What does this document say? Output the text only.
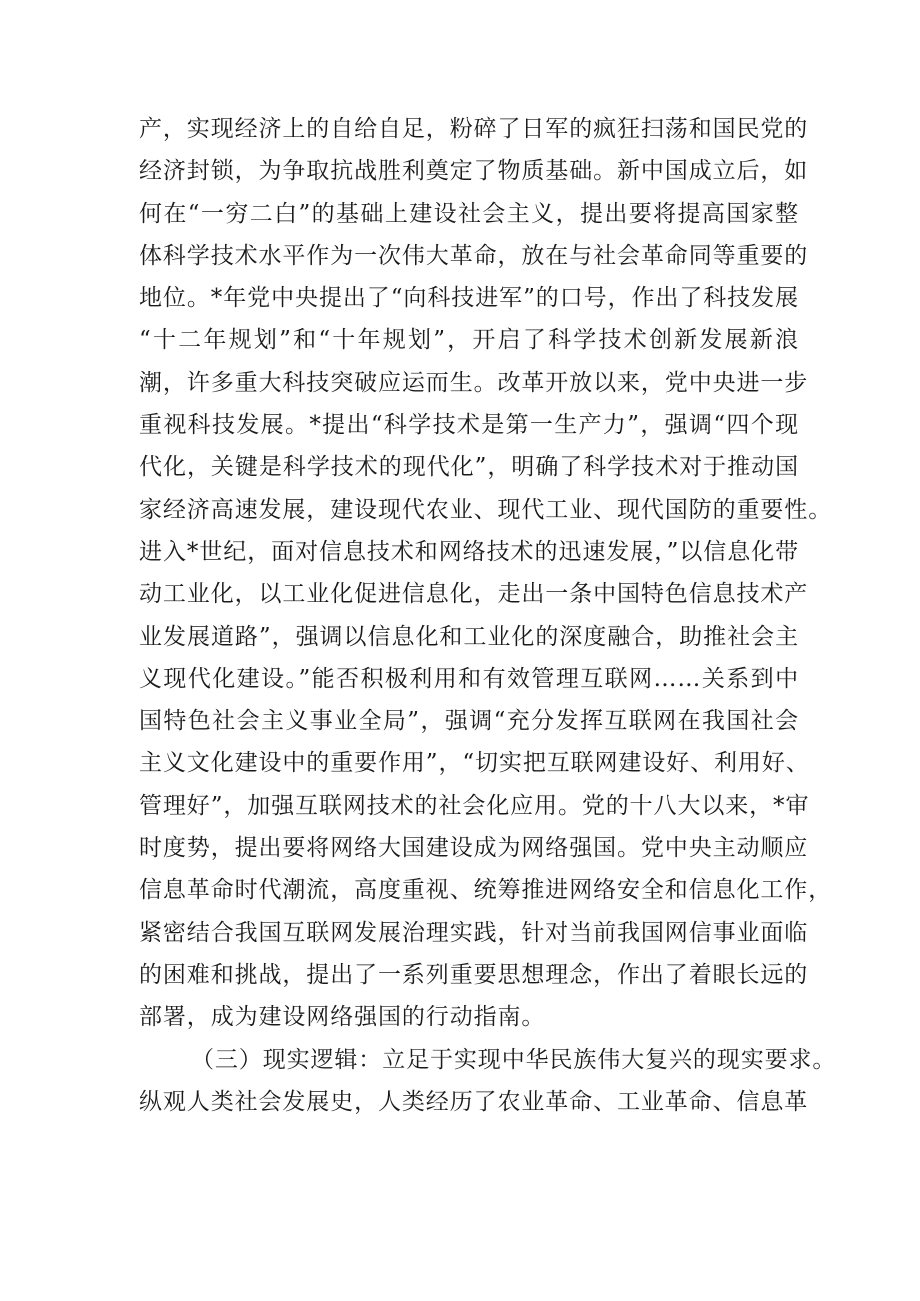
产，实现经济上的自给自足，粉碎了日军的疯狂扫荡和国民党的
经济封锁，为争取抗战胜利奠定了物质基础。新中国成立后，如
何在“一穷二白”的基础上建设社会主义，提出要将提高国家整
体科学技术水平作为一次伟大革命，放在与社会革命同等重要的
地位。*年党中央提出了“向科技进军”的口号，作出了科技发展
“十二年规划”和“十年规划”，开启了科学技术创新发展新浪
潮，许多重大科技突破应运而生。改革开放以来，党中央进一步
重视科技发展。*提出“科学技术是第一生产力”，强调“四个现
代化，关键是科学技术的现代化”，明确了科学技术对于推动国
家经济高速发展，建设现代农业、现代工业、现代国防的重要性。
进入*世纪，面对信息技术和网络技术的迅速发展，”以信息化带
动工业化，以工业化促进信息化，走出一条中国特色信息技术产
业发展道路”，强调以信息化和工业化的深度融合，助推社会主
义现代化建设。”能否积极利用和有效管理互联网……关系到中
国特色社会主义事业全局”，强调“充分发挥互联网在我国社会
主义文化建设中的重要作用”，“切实把互联网建设好、利用好、
管理好”，加强互联网技术的社会化应用。党的十八大以来，*审
时度势，提出要将网络大国建设成为网络强国。党中央主动顺应
信息革命时代潮流，高度重视、统筹推进网络安全和信息化工作，
紧密结合我国互联网发展治理实践，针对当前我国网信事业面临
的困难和挑战，提出了一系列重要思想理念，作出了着眼长远的
部署，成为建设网络强国的行动指南。
（三）现实逻辑：立足于实现中华民族伟大复兴的现实要求。
纵观人类社会发展史，人类经历了农业革命、工业革命、信息革
